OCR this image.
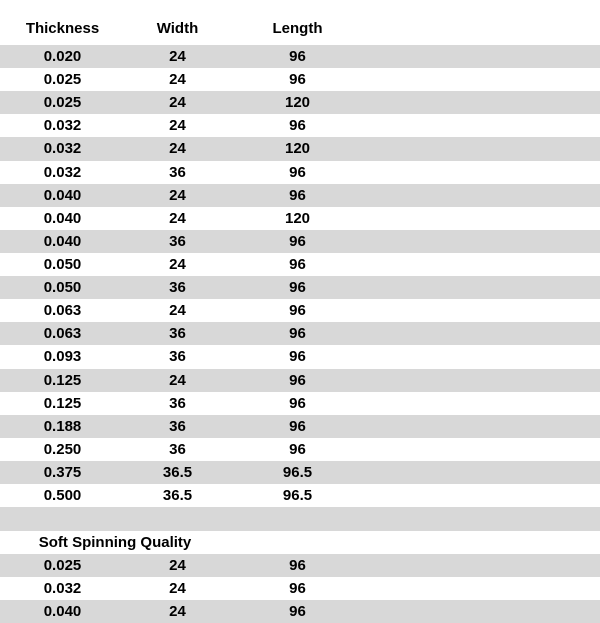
Thickness	Width	Length	
0.020	24	96	
0.025	24	96	
0.025	24	120	
0.032	24	96	
0.032	24	120	
0.032	36	96	
0.040	24	96	
0.040	24	120	
0.040	36	96	
0.050	24	96	
0.050	36	96	
0.063	24	96	
0.063	36	96	
0.093	36	96	
0.125	24	96	
0.125	36	96	
0.188	36	96	
0.250	36	96	
0.375	36.5	96.5	
0.500	36.5	96.5	

Soft Spinning Quality			
0.025	24	96	
0.032	24	96	
0.040	24	96	
